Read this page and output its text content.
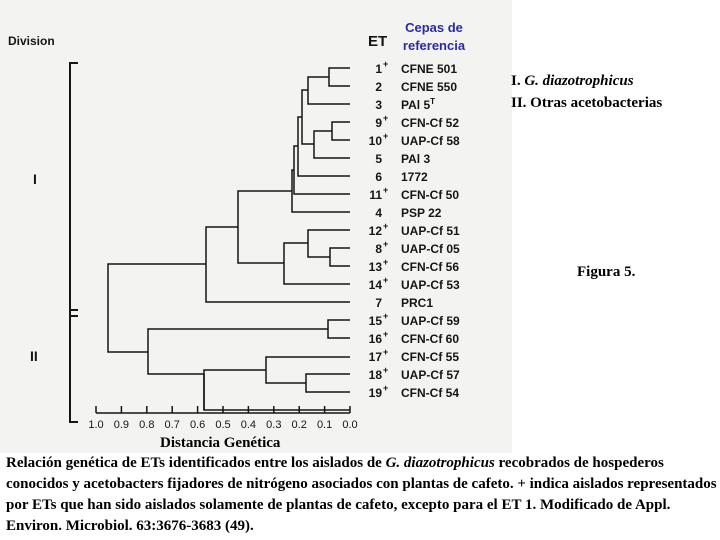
Division	ET
Cepas de
referencia
I
II
1 + CFNE 501
2 CFNE 550
3 PAl $5^T$
9 + CFN-Cf 52
10 + UAP-Cf 58
5 PAl 3
6 1772
11 + CFN-Cf 50
4 PSP 22
12 + UAP-Cf 51
8 + UAP-Cf 05
13 + CFN-Cf 56
14 + UAP-Cf 53
7 PRC1
15 + UAP-Cf 59
16 + CFN-Cf 60
17 + CFN-Cf 55
18 + UAP-Cf 57
19 + CFN-Cf 54
1.0 0.9 0.8 0.7 0.6 0.5 0.4 0.3 0.2 0.1 0.0
Distancia Genética
I. G. diazotrophicus
II. Otras acetobacterias
Figura 5.
Relación genética de ETs identificados entre los aislados de G. diazotrophicus recobrados de hospederos conocidos y acetobacters fijadores de nitrógeno asociados con plantas de cafeto. + indica aislados representados por ETs que han sido aislados solamente de plantas de cafeto, excepto para el ET 1. Modificado de Appl. Environ. Microbiol. 63:3676-3683 (49).
